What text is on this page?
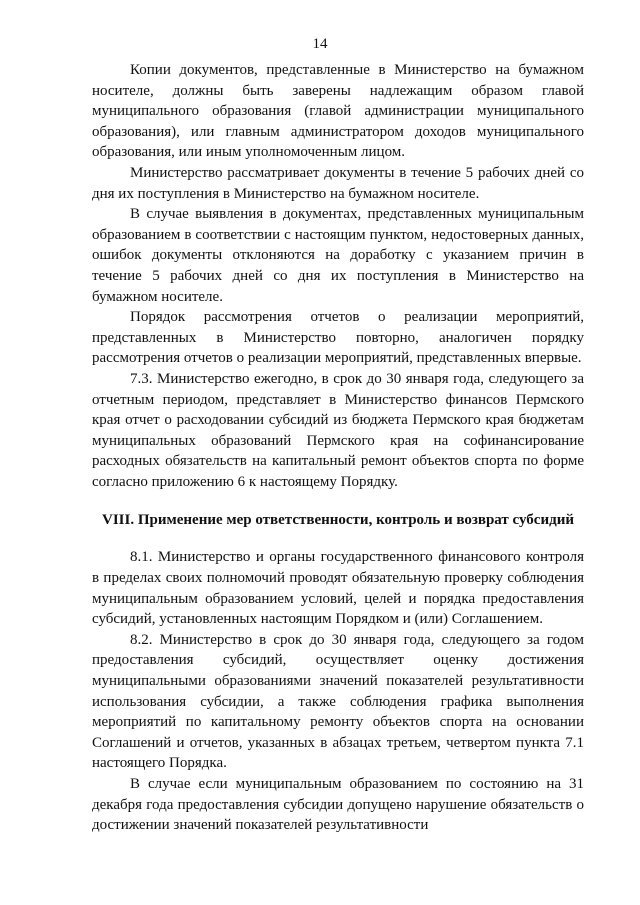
14

Копии документов, представленные в Министерство на бумажном носителе, должны быть заверены надлежащим образом главой муниципального образования (главой администрации муниципального образования), или главным администратором доходов муниципального образования, или иным уполномоченным лицом.

Министерство рассматривает документы в течение 5 рабочих дней со дня их поступления в Министерство на бумажном носителе.

В случае выявления в документах, представленных муниципальным образованием в соответствии с настоящим пунктом, недостоверных данных, ошибок документы отклоняются на доработку с указанием причин в течение 5 рабочих дней со дня их поступления в Министерство на бумажном носителе.

Порядок рассмотрения отчетов о реализации мероприятий, представленных в Министерство повторно, аналогичен порядку рассмотрения отчетов о реализации мероприятий, представленных впервые.

7.3. Министерство ежегодно, в срок до 30 января года, следующего за отчетным периодом, представляет в Министерство финансов Пермского края отчет о расходовании субсидий из бюджета Пермского края бюджетам муниципальных образований Пермского края на софинансирование расходных обязательств на капитальный ремонт объектов спорта по форме согласно приложению 6 к настоящему Порядку.

VIII. Применение мер ответственности, контроль и возврат субсидий

8.1. Министерство и органы государственного финансового контроля в пределах своих полномочий проводят обязательную проверку соблюдения муниципальным образованием условий, целей и порядка предоставления субсидий, установленных настоящим Порядком и (или) Соглашением.

8.2. Министерство в срок до 30 января года, следующего за годом предоставления субсидий, осуществляет оценку достижения муниципальными образованиями значений показателей результативности использования субсидии, а также соблюдения графика выполнения мероприятий по капитальному ремонту объектов спорта на основании Соглашений и отчетов, указанных в абзацах третьем, четвертом пункта 7.1 настоящего Порядка.

В случае если муниципальным образованием по состоянию на 31 декабря года предоставления субсидии допущено нарушение обязательств о достижении значений показателей результативности
